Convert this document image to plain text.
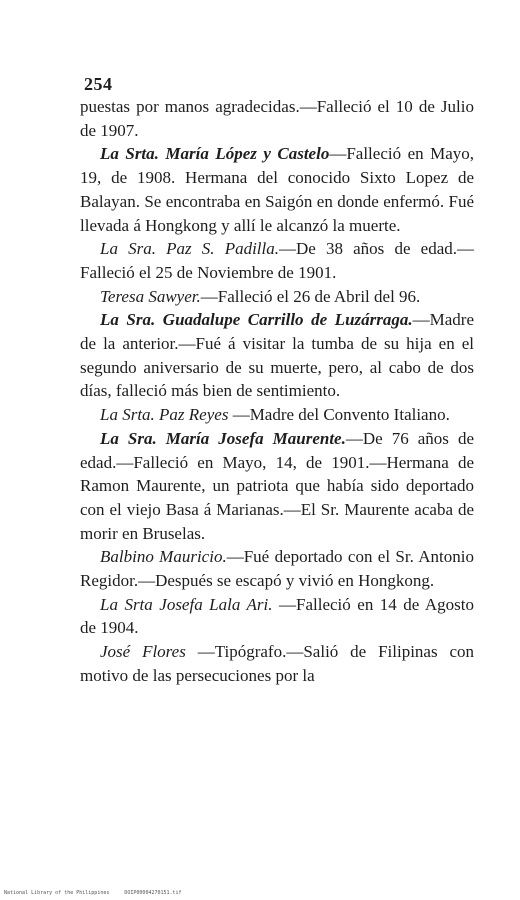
254

puestas por manos agradecidas.—Falleció el 10 de Julio de 1907.

La Srta. María López y Castelo—Falleció en Mayo, 19, de 1908. Hermana del conocido Sixto Lopez de Balayan. Se encontraba en Saigón en donde enfermó. Fué llevada á Hongkong y allí le alcanzó la muerte.

La Sra. Paz S. Padilla.—De 38 años de edad.—Falleció el 25 de Noviembre de 1901.

Teresa Sawyer.—Falleció el 26 de Abril del 96.

La Sra. Guadalupe Carrillo de Luzárraga.—Madre de la anterior.—Fué á visitar la tumba de su hija en el segundo aniversario de su muerte, pero, al cabo de dos días, falleció más bien de sentimiento.

La Srta. Paz Reyes —Madre del Convento Italiano.

La Sra. María Josefa Maurente.—De 76 años de edad.—Falleció en Mayo, 14, de 1901.—Hermana de Ramon Maurente, un patriota que había sido deportado con el viejo Basa á Marianas.—El Sr. Maurente acaba de morir en Bruselas.

Balbino Mauricio.—Fué deportado con el Sr. Antonio Regidor.—Después se escapó y vivió en Hongkong.

La Srta Josefa Lala Ari. —Falleció en 14 de Agosto de 1904.

José Flores —Tipógrafo.—Salió de Filipinas con motivo de las persecuciones por la

National Library of the Philippines	DOIP00004270151.tif
